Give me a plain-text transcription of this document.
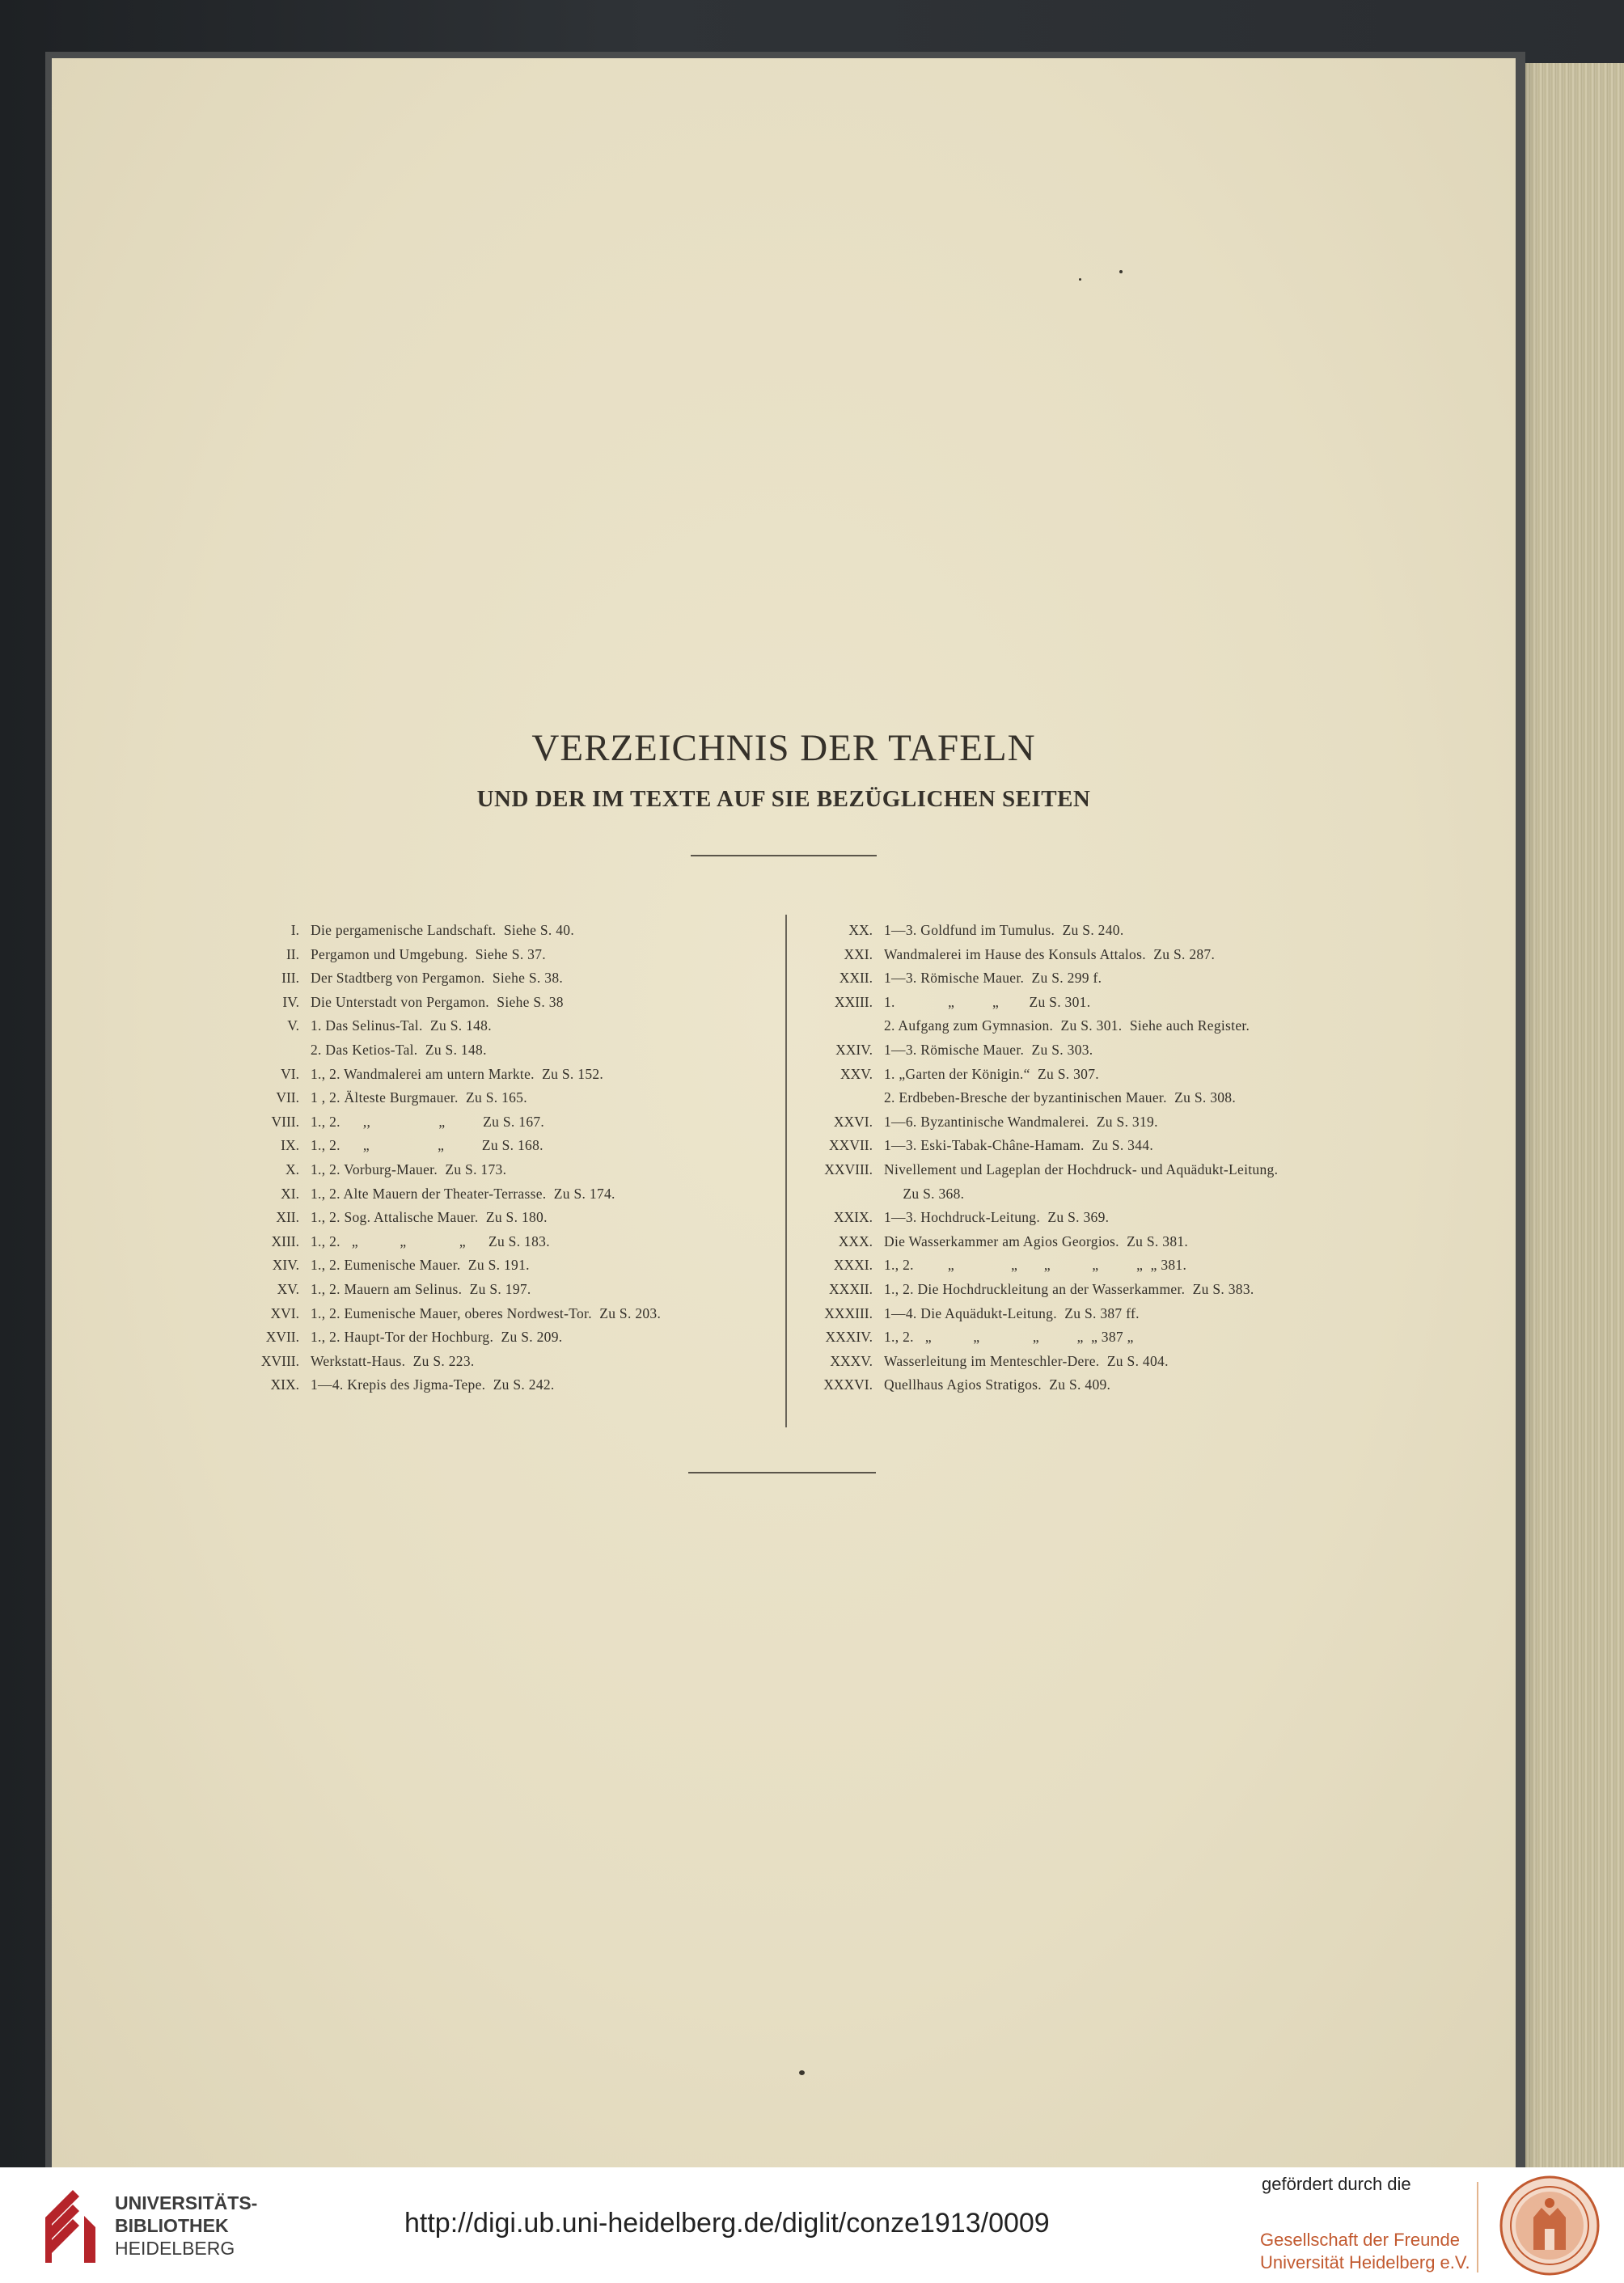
VERZEICHNIS DER TAFELN
UND DER IM TEXTE AUF SIE BEZÜGLICHEN SEITEN
I. Die pergamenische Landschaft.  Siehe S. 40.
II. Pergamon und Umgebung.  Siehe S. 37.
III. Der Stadtberg von Pergamon.  Siehe S. 38.
IV. Die Unterstadt von Pergamon.  Siehe S. 38
V. 1. Das Selinus-Tal.  Zu S. 148.
2. Das Ketios-Tal.  Zu S. 148.
VI. 1., 2. Wandmalerei am untern Markte.  Zu S. 152.
VII. 1 , 2. Älteste Burgmauer.  Zu S. 165.
VIII. 1., 2.      ,,                  „          Zu S. 167.
IX. 1., 2.      „                  „          Zu S. 168.
X. 1., 2. Vorburg-Mauer.  Zu S. 173.
XI. 1., 2. Alte Mauern der Theater-Terrasse.  Zu S. 174.
XII. 1., 2. Sog. Attalische Mauer.  Zu S. 180.
XIII. 1., 2.   „           „              „      Zu S. 183.
XIV. 1., 2. Eumenische Mauer.  Zu S. 191.
XV. 1., 2. Mauern am Selinus.  Zu S. 197.
XVI. 1., 2. Eumenische Mauer, oberes Nordwest-Tor.  Zu S. 203.
XVII. 1., 2. Haupt-Tor der Hochburg.  Zu S. 209.
XVIII. Werkstatt-Haus.  Zu S. 223.
XIX. 1—4. Krepis des Jigma-Tepe.  Zu S. 242.
XX. 1—3. Goldfund im Tumulus.  Zu S. 240.
XXI. Wandmalerei im Hause des Konsuls Attalos.  Zu S. 287.
XXII. 1—3. Römische Mauer.  Zu S. 299 f.
XXIII. 1.              „          „        Zu S. 301.
2. Aufgang zum Gymnasion.  Zu S. 301.  Siehe auch Register.
XXIV. 1—3. Römische Mauer.  Zu S. 303.
XXV. 1. „Garten der Königin.“  Zu S. 307.
2. Erdbeben-Bresche der byzantinischen Mauer.  Zu S. 308.
XXVI. 1—6. Byzantinische Wandmalerei.  Zu S. 319.
XXVII. 1—3. Eski-Tabak-Châne-Hamam.  Zu S. 344.
XXVIII. Nivellement und Lageplan der Hochdruck- und Aquädukt-Leitung.
Zu S. 368.
XXIX. 1—3. Hochdruck-Leitung.  Zu S. 369.
XXX. Die Wasserkammer am Agios Georgios.  Zu S. 381.
XXXI. 1., 2.         „               „       „           „          „  „ 381.
XXXII. 1., 2. Die Hochdruckleitung an der Wasserkammer.  Zu S. 383.
XXXIII. 1—4. Die Aquädukt-Leitung.  Zu S. 387 ff.
XXXIV. 1., 2.   „           „              „          „  „ 387 „
XXXV. Wasserleitung im Menteschler-Dere.  Zu S. 404.
XXXVI. Quellhaus Agios Stratigos.  Zu S. 409.
UNIVERSITÄTS-
BIBLIOTHEK
HEIDELBERG
http://digi.ub.uni-heidelberg.de/diglit/conze1913/0009
gefördert durch die
Gesellschaft der Freunde
Universität Heidelberg e.V.
